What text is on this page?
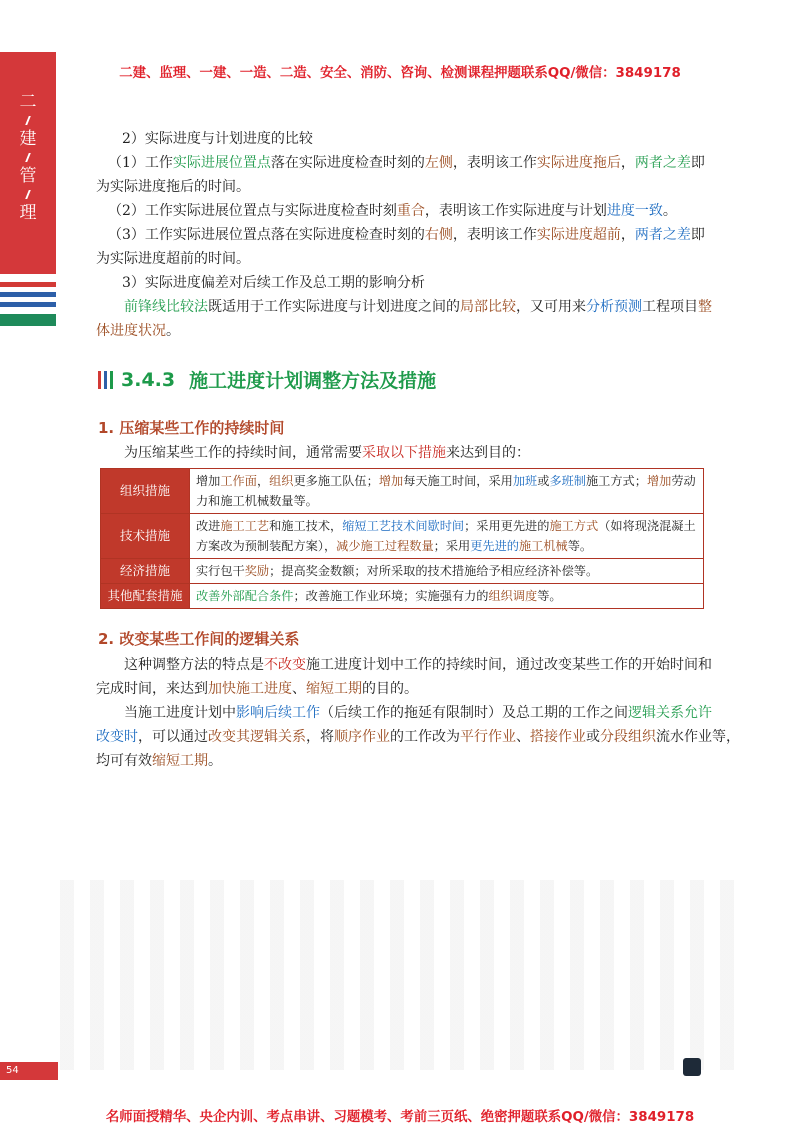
二建、监理、一建、一造、二造、安全、消防、咨询、检测课程押题联系QQ/微信：3849178
二
建
管
理
2）实际进度与计划进度的比较
（1）工作实际进展位置点落在实际进度检查时刻的左侧，表明该工作实际进度拖后，两者之差即
为实际进度拖后的时间。
（2）工作实际进展位置点与实际进度检查时刻重合，表明该工作实际进度与计划进度一致。
（3）工作实际进展位置点落在实际进度检查时刻的右侧，表明该工作实际进度超前，两者之差即
为实际进度超前的时间。
3）实际进度偏差对后续工作及总工期的影响分析
前锋线比较法既适用于工作实际进度与计划进度之间的局部比较，又可用来分析预测工程项目整
体进度状况。
3.4.3 施工进度计划调整方法及措施
1. 压缩某些工作的持续时间
为压缩某些工作的持续时间，通常需要采取以下措施来达到目的：
组织措施	增加工作面，组织更多施工队伍；增加每天施工时间，采用加班或多班制施工方式；增加劳动力和施工机械数量等。
技术措施	改进施工工艺和施工技术，缩短工艺技术间歇时间；采用更先进的施工方式（如将现浇混凝土方案改为预制装配方案），减少施工过程数量；采用更先进的施工机械等。
经济措施	实行包干奖励；提高奖金数额；对所采取的技术措施给予相应经济补偿等。
其他配套措施	改善外部配合条件；改善施工作业环境；实施强有力的组织调度等。
2. 改变某些工作间的逻辑关系
这种调整方法的特点是不改变施工进度计划中工作的持续时间，通过改变某些工作的开始时间和
完成时间，来达到加快施工进度、缩短工期的目的。
当施工进度计划中影响后续工作（后续工作的拖延有限制时）及总工期的工作之间逻辑关系允许
改变时，可以通过改变其逻辑关系，将顺序作业的工作改为平行作业、搭接作业或分段组织流水作业等，
均可有效缩短工期。
54
名师面授精华、央企内训、考点串讲、习题模考、考前三页纸、绝密押题联系QQ/微信：3849178
